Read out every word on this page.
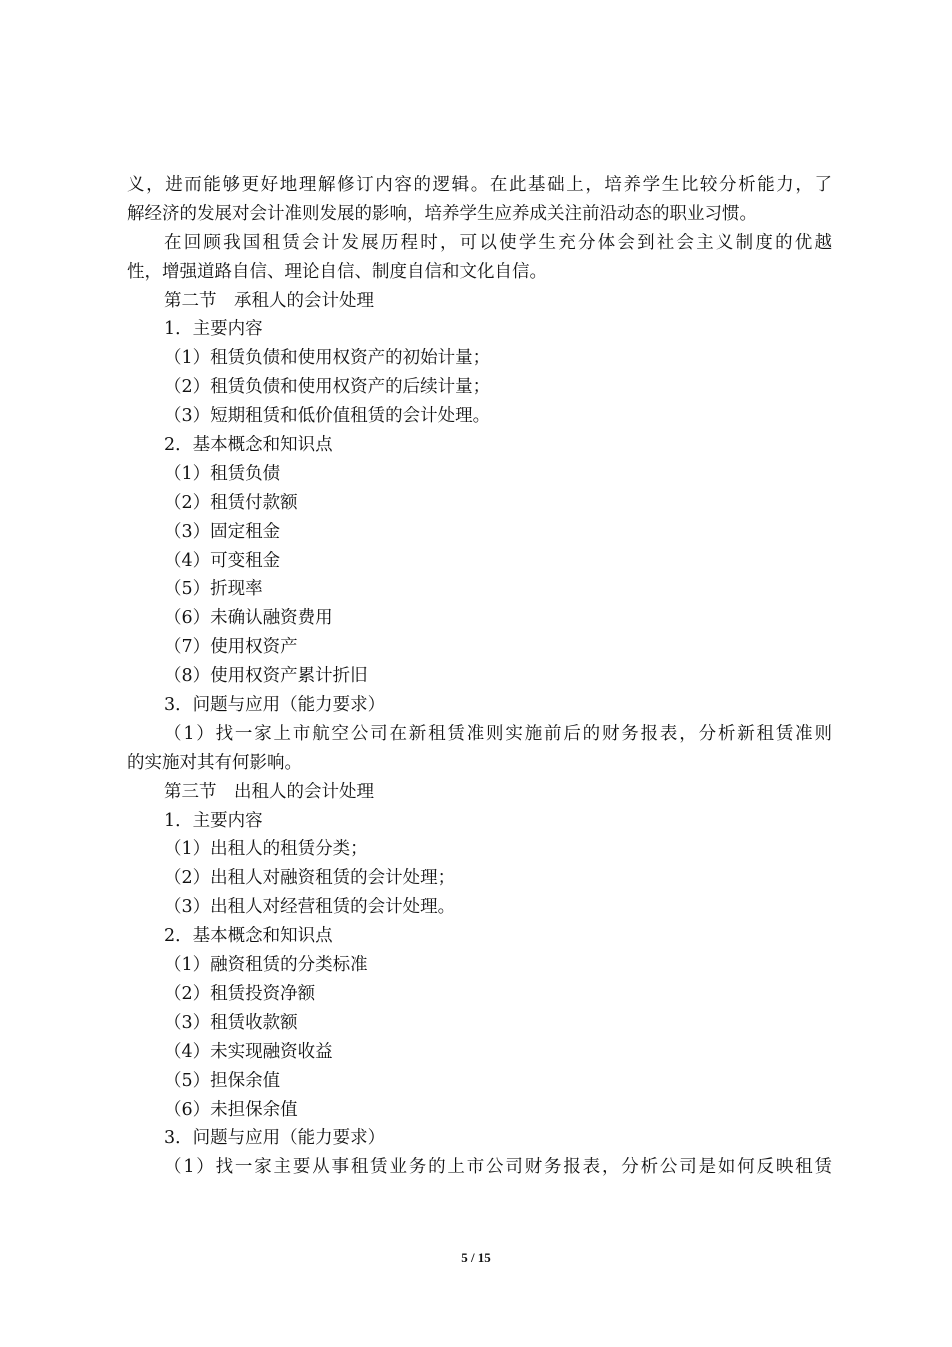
义，进而能够更好地理解修订内容的逻辑。在此基础上，培养学生比较分析能力，了
解经济的发展对会计准则发展的影响，培养学生应养成关注前沿动态的职业习惯。
在回顾我国租赁会计发展历程时，可以使学生充分体会到社会主义制度的优越
性，增强道路自信、理论自信、制度自信和文化自信。
第二节　承租人的会计处理
1．主要内容
（1）租赁负债和使用权资产的初始计量；
（2）租赁负债和使用权资产的后续计量；
（3）短期租赁和低价值租赁的会计处理。
2．基本概念和知识点
（1）租赁负债
（2）租赁付款额
（3）固定租金
（4）可变租金
（5）折现率
（6）未确认融资费用
（7）使用权资产
（8）使用权资产累计折旧
3．问题与应用（能力要求）
（1）找一家上市航空公司在新租赁准则实施前后的财务报表，分析新租赁准则
的实施对其有何影响。
第三节　出租人的会计处理
1．主要内容
（1）出租人的租赁分类；
（2）出租人对融资租赁的会计处理；
（3）出租人对经营租赁的会计处理。
2．基本概念和知识点
（1）融资租赁的分类标准
（2）租赁投资净额
（3）租赁收款额
（4）未实现融资收益
（5）担保余值
（6）未担保余值
3．问题与应用（能力要求）
（1）找一家主要从事租赁业务的上市公司财务报表，分析公司是如何反映租赁
5 / 15
